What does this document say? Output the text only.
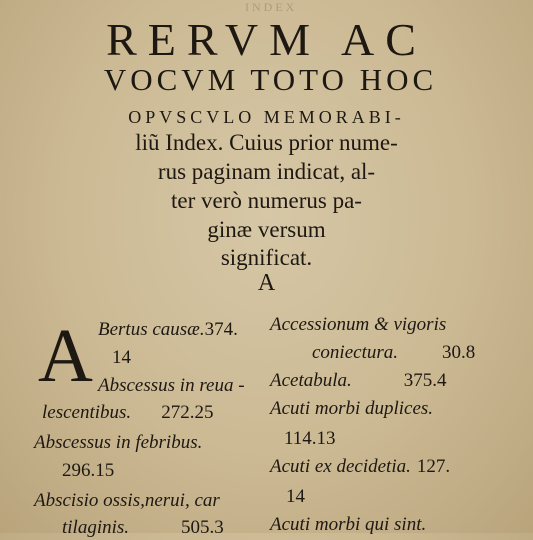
I N D E X
RERVM AC
VOCVM TOTO HOC
OPVSCVLO MEMORABI-
liũ Index. Cuius prior nume-
rus paginam indicat, al-
ter verò numerus pa-
ginæ versum
significat.
A
A Bertus causæ.374.
14
Abscessus in reua -
lescentibus. 272.25
Abscessus in febribus.
296.15
Abscisio ossis,nerui, car
tilaginis.	505.3
Accessionum & vigoris
coniectura. 30.8
Acetabula.	375.4
Acuti morbi duplices.
114.13
Acuti ex decidetia. 127.
14
Acuti morbi qui sint.
